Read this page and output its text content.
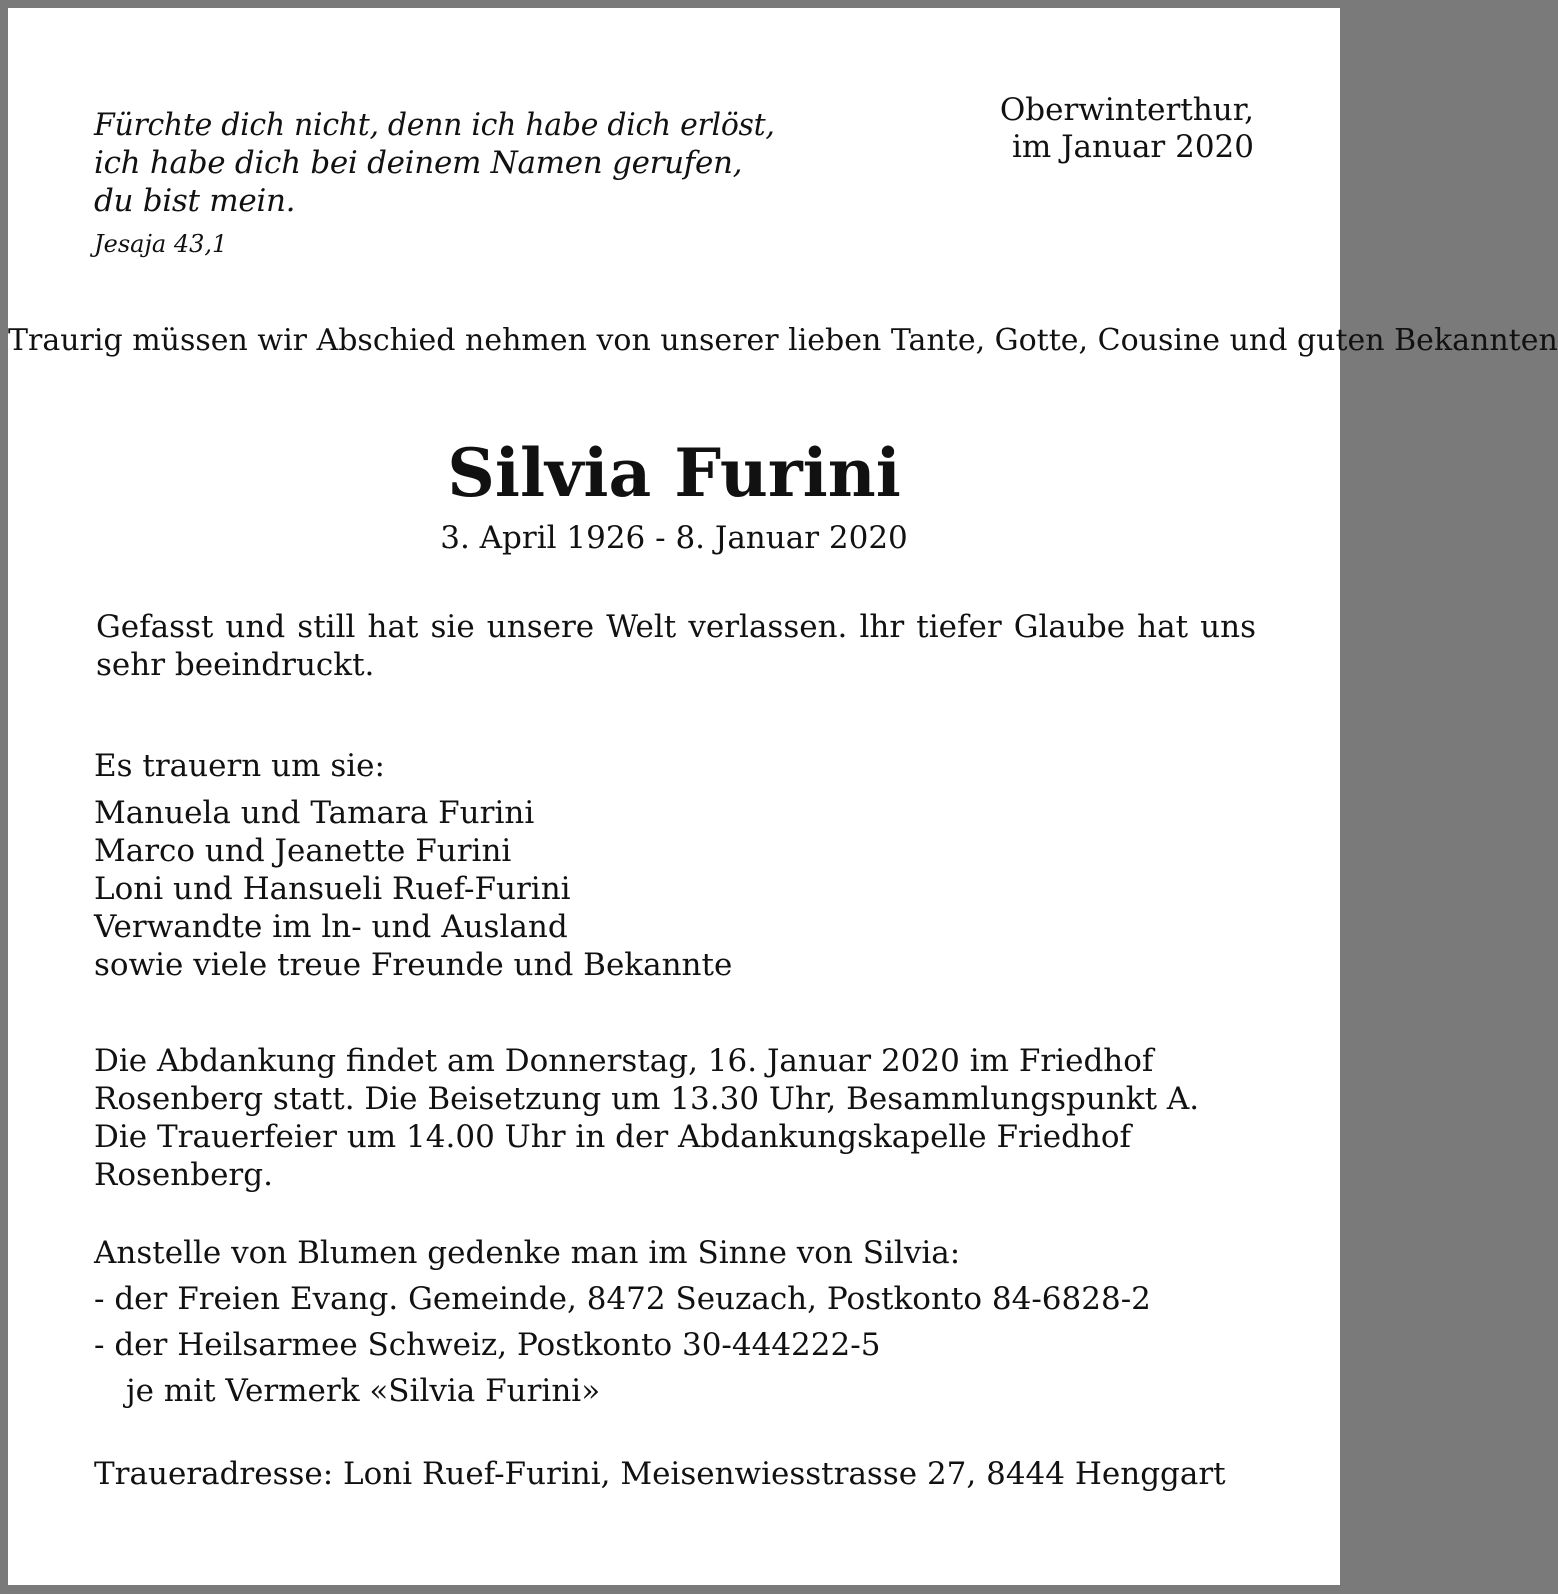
Fürchte dich nicht, denn ich habe dich erlöst,
ich habe dich bei deinem Namen gerufen,
du bist mein.
Jesaja 43,1
Oberwinterthur,
im Januar 2020
Traurig müssen wir Abschied nehmen von unserer lieben Tante, Gotte, Cousine und guten Bekannten
Silvia Furini
3. April 1926 - 8. Januar 2020
Gefasst und still hat sie unsere Welt verlassen. lhr tiefer Glaube hat uns sehr beeindruckt.
Es trauern um sie:
Manuela und Tamara Furini
Marco und Jeanette Furini
Loni und Hansueli Ruef-Furini
Verwandte im ln- und Ausland
sowie viele treue Freunde und Bekannte
Die Abdankung findet am Donnerstag, 16. Januar 2020 im Friedhof
Rosenberg statt. Die Beisetzung um 13.30 Uhr, Besammlungspunkt A.
Die Trauerfeier um 14.00 Uhr in der Abdankungskapelle Friedhof
Rosenberg.
Anstelle von Blumen gedenke man im Sinne von Silvia:
- der Freien Evang. Gemeinde, 8472 Seuzach, Postkonto 84-6828-2
- der Heilsarmee Schweiz, Postkonto 30-444222-5
je mit Vermerk «Silvia Furini»
Traueradresse: Loni Ruef-Furini, Meisenwiesstrasse 27, 8444 Henggart
